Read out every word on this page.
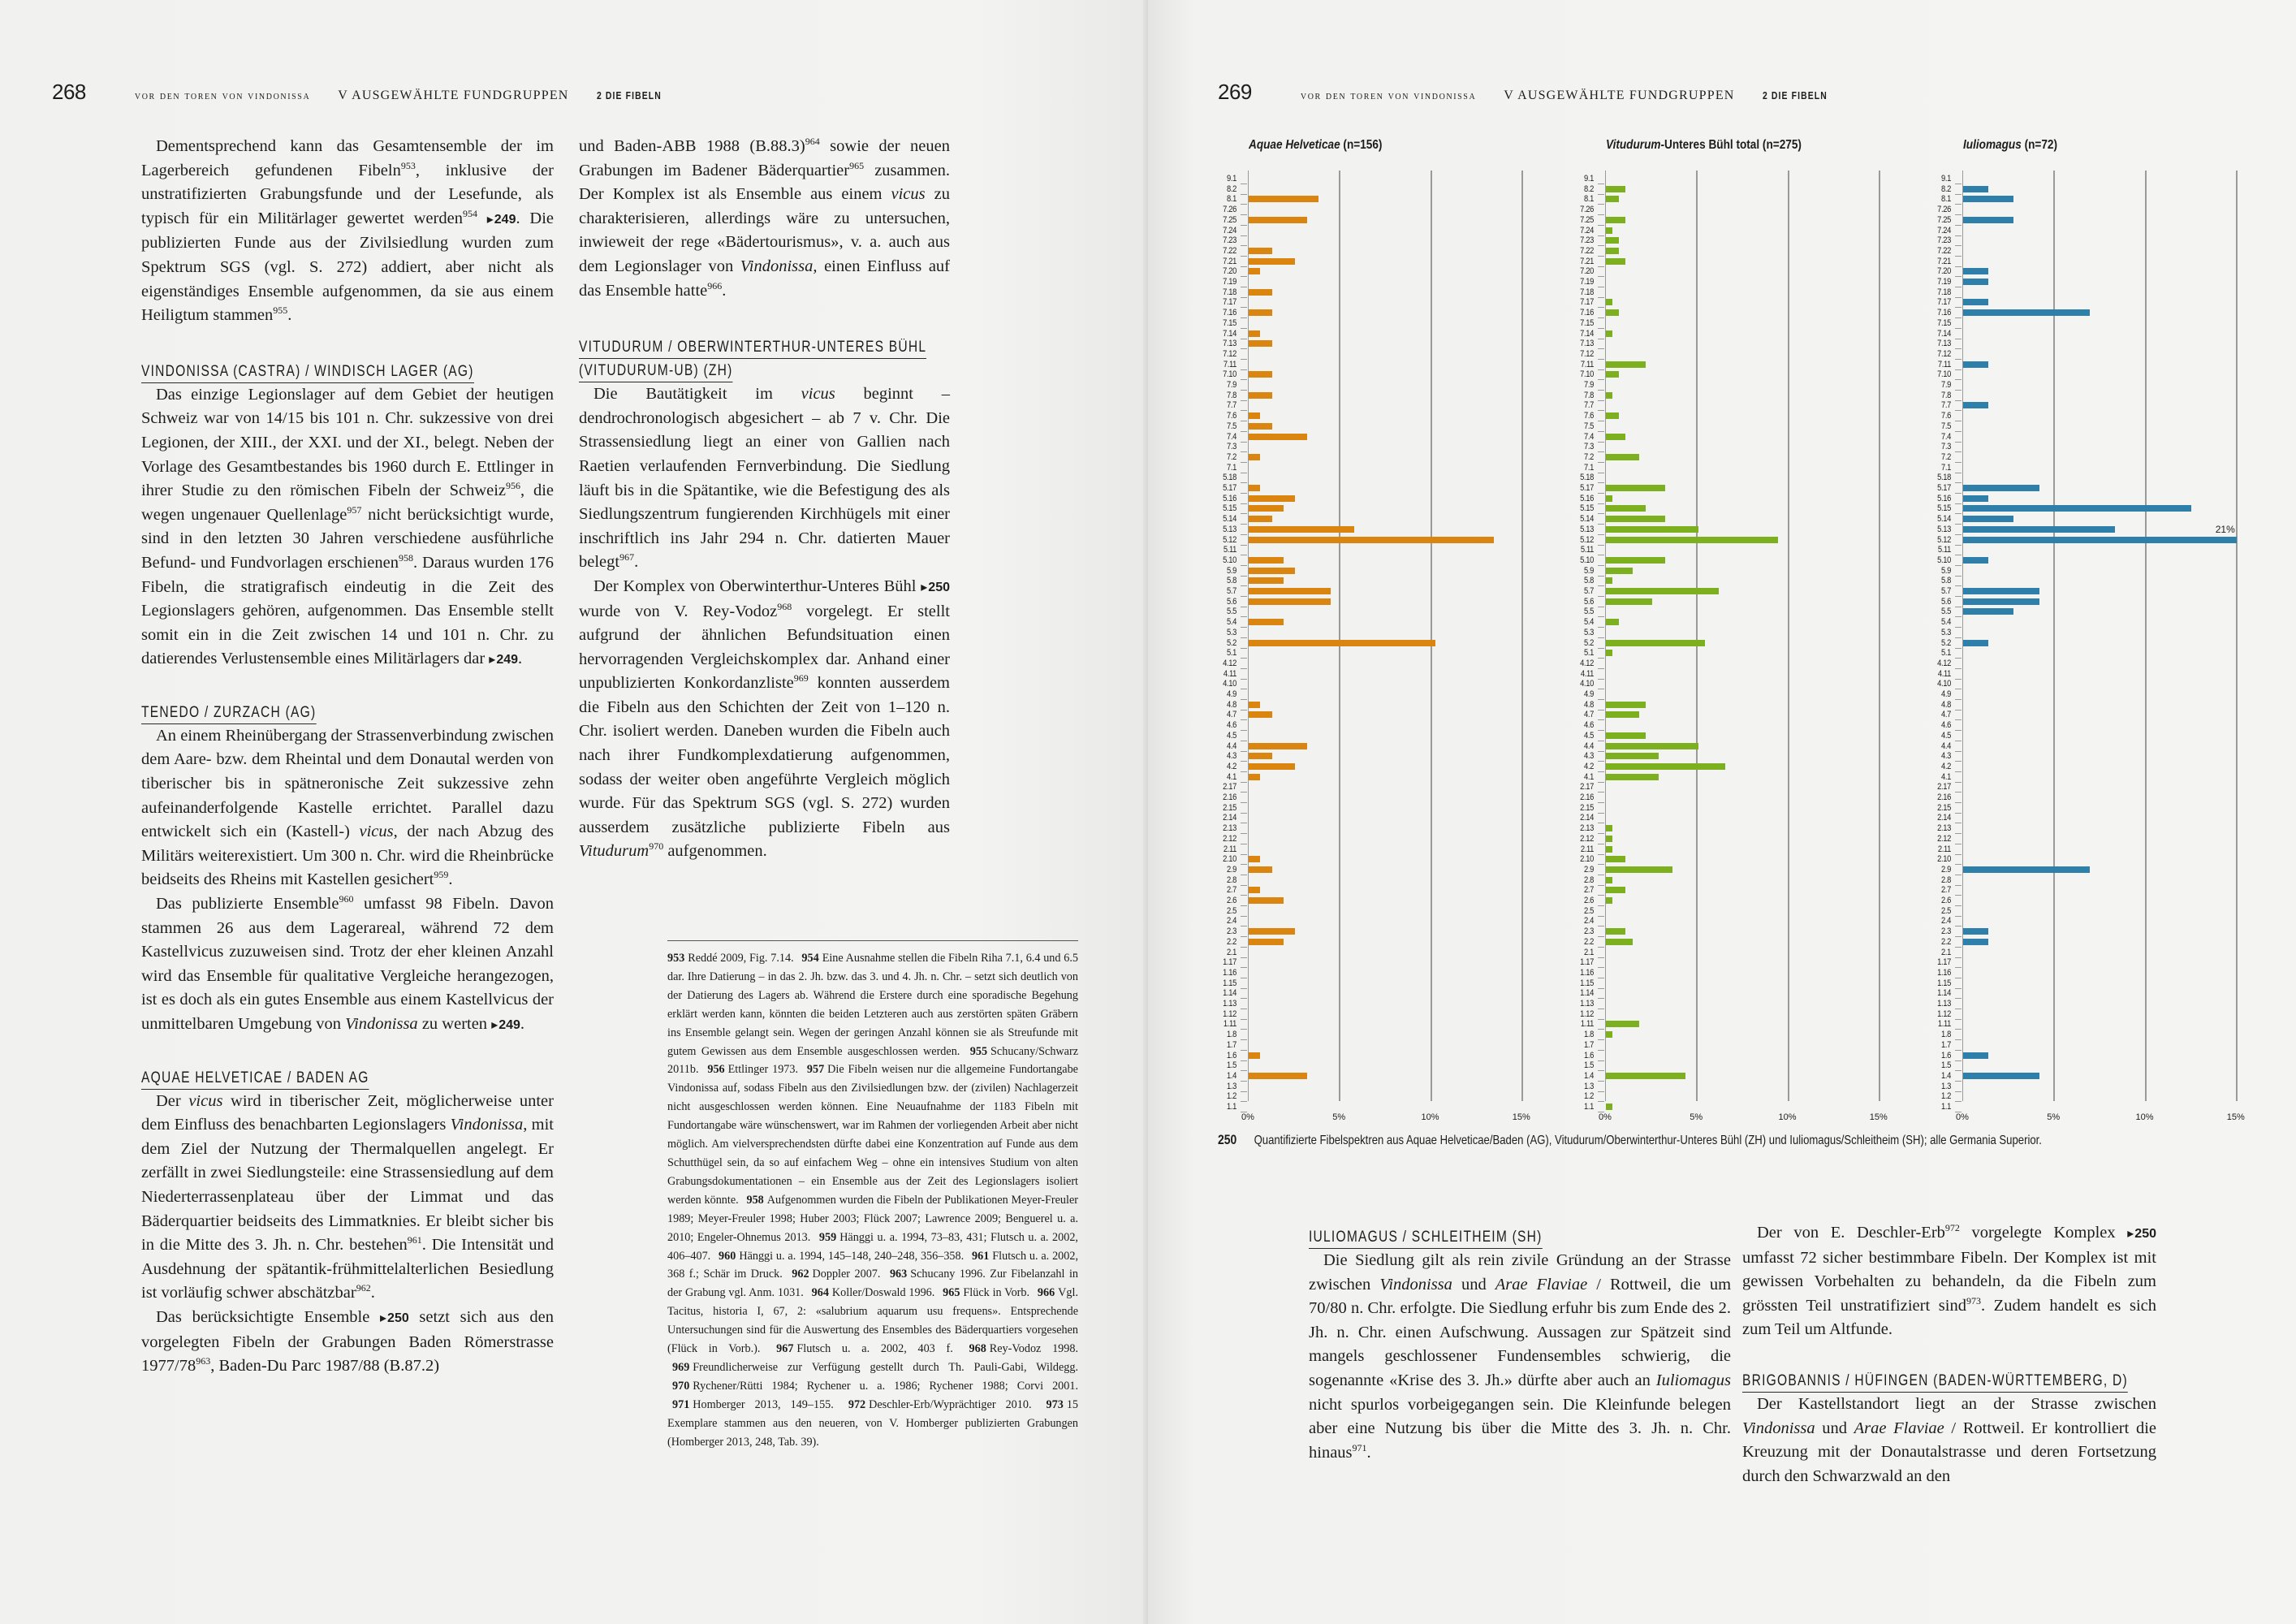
268	vor den toren von vindonissa V AUSGEWÄHLTE FUNDGRUPPEN	2 DIE FIBELN

Dementsprechend kann das Gesamtensemble der im Lagerbereich gefundenen Fibeln$^{953}$, inklusive der unstratifizierten Grabungsfunde und der Lesefunde, als typisch für ein Militärlager gewertet werden$^{954}$ ▸ 249. Die publizierten Funde aus der Zivilsiedlung wurden zum Spektrum SGS (vgl. S. 272) addiert, aber nicht als eigenständiges Ensemble aufgenommen, da sie aus einem Heiligtum stammen$^{955}$.

VINDONISSA (CASTRA) / WINDISCH LAGER (AG)

Das einzige Legionslager auf dem Gebiet der heutigen Schweiz war von 14/15 bis 101 n. Chr. sukzessive von drei Legionen, der XIII., der XXI. und der XI., belegt. Neben der Vorlage des Gesamtbestandes bis 1960 durch E. Ettlinger in ihrer Studie zu den römischen Fibeln der Schweiz$^{956}$, die wegen ungenauer Quellenlage$^{957}$ nicht berücksichtigt wurde, sind in den letzten 30 Jahren verschiedene ausführliche Befund- und Fundvorlagen erschienen$^{958}$. Daraus wurden 176 Fibeln, die stratigrafisch eindeutig in die Zeit des Legionslagers gehören, aufgenommen. Das Ensemble stellt somit ein in die Zeit zwischen 14 und 101 n. Chr. zu datierendes Verlustensemble eines Militärlagers dar ▸ 249.

TENEDO / ZURZACH (AG)

An einem Rheinübergang der Strassenverbindung zwischen dem Aare- bzw. dem Rheintal und dem Donautal werden von tiberischer bis in spätneronische Zeit sukzessive zehn aufeinanderfolgende Kastelle errichtet. Parallel dazu entwickelt sich ein (Kastell-) vicus, der nach Abzug des Militärs weiterexistiert. Um 300 n. Chr. wird die Rheinbrücke beidseits des Rheins mit Kastellen gesichert$^{959}$.

Das publizierte Ensemble$^{960}$ umfasst 98 Fibeln. Davon stammen 26 aus dem Lagerareal, während 72 dem Kastellvicus zuzuweisen sind. Trotz der eher kleinen Anzahl wird das Ensemble für qualitative Vergleiche herangezogen, ist es doch als ein gutes Ensemble aus einem Kastellvicus der unmittelbaren Umgebung von Vindonissa zu werten ▸ 249.

AQUAE HELVETICAE / BADEN AG

Der vicus wird in tiberischer Zeit, möglicherweise unter dem Einfluss des benachbarten Legionslagers Vindonissa, mit dem Ziel der Nutzung der Thermalquellen angelegt. Er zerfällt in zwei Siedlungsteile: eine Strassensiedlung auf dem Niederterrassenplateau über der Limmat und das Bäderquartier beidseits des Limmatknies. Er bleibt sicher bis in die Mitte des 3. Jh. n. Chr. bestehen$^{961}$. Die Intensität und Ausdehnung der spätantik-frühmittelalterlichen Besiedlung ist vorläufig schwer abschätzbar$^{962}$.

Das berücksichtigte Ensemble ▸ 250 setzt sich aus den vorgelegten Fibeln der Grabungen Baden Römerstrasse $1977/78^{963}$, Baden-Du Parc 1987/88 (B.87.2)

und Baden-ABB 1988 $(B.88.3)^{964}$ sowie der neuen Grabungen im Badener Bäderquartier$^{965}$ zusammen. Der Komplex ist als Ensemble aus einem vicus zu charakterisieren, allerdings wäre zu untersuchen, inwieweit der rege «Bädertourismus», v. a. auch aus dem Legionslager von Vindonissa, einen Einfluss auf das Ensemble hatte$^{966}$.

VITUDURUM / OBERWINTERTHUR-UNTERES BÜHL
(VITUDURUM-UB) (ZH)

Die Bautätigkeit im vicus beginnt – dendrochronologisch abgesichert – ab 7 v. Chr. Die Strassensiedlung liegt an einer von Gallien nach Raetien verlaufenden Fernverbindung. Die Siedlung läuft bis in die Spätantike, wie die Befestigung des als Siedlungszentrum fungierenden Kirchhügels mit einer inschriftlich ins Jahr 294 n. Chr. datierten Mauer belegt$^{967}$.

Der Komplex von Oberwinterthur-Unteres Bühl ▸ 250 wurde von V. Rey-Vodoz$^{968}$ vorgelegt. Er stellt aufgrund der ähnlichen Befundsituation einen hervorragenden Vergleichskomplex dar. Anhand einer unpublizierten Konkordanzliste$^{969}$ konnten ausserdem die Fibeln aus den Schichten der Zeit von 1–120 n. Chr. isoliert werden. Daneben wurden die Fibeln auch nach ihrer Fundkomplexdatierung aufgenommen, sodass der weiter oben angeführte Vergleich möglich wurde. Für das Spektrum SGS (vgl. S. 272) wurden ausserdem zusätzliche publizierte Fibeln aus Vitudurum$^{970}$ aufgenommen.

953 Reddé 2009, Fig. 7.14. 954 Eine Ausnahme stellen die Fibeln Riha 7.1, 6.4 und 6.5 dar. Ihre Datierung – in das 2. Jh. bzw. das 3. und 4. Jh. n. Chr. – setzt sich deutlich von der Datierung des Lagers ab. Während die Erstere durch eine sporadische Begehung erklärt werden kann, könnten die beiden Letzteren auch aus zerstörten späten Gräbern ins Ensemble gelangt sein. Wegen der geringen Anzahl können sie als Streufunde mit gutem Gewissen aus dem Ensemble ausgeschlossen werden. 955 Schucany/Schwarz 2011b. 956 Ettlinger 1973. 957 Die Fibeln weisen nur die allgemeine Fundortangabe Vindonissa auf, sodass Fibeln aus den Zivilsiedlungen bzw. der (zivilen) Nachlagerzeit nicht ausgeschlossen werden können. Eine Neuaufnahme der 1183 Fibeln mit Fundortangabe wäre wünschenswert, war im Rahmen der vorliegenden Arbeit aber nicht möglich. Am vielversprechendsten dürfte dabei eine Konzentration auf Funde aus dem Schutthügel sein, da so auf einfachem Weg – ohne ein intensives Studium von alten Grabungsdokumentationen – ein Ensemble aus der Zeit des Legionslagers isoliert werden könnte. 958 Aufgenommen wurden die Fibeln der Publikationen Meyer-Freuler 1989; Meyer-Freuler 1998; Huber 2003; Flück 2007; Lawrence 2009; Benguerel u. a. 2010; Engeler-Ohnemus 2013. 959 Hänggi u. a. 1994, 73–83, 431; Flutsch u. a. 2002, 406–407. 960 Hänggi u. a. 1994, 145–148, 240–248, 356–358. 961 Flutsch u. a. 2002, 368 f.; Schär im Druck. 962 Doppler 2007. 963 Schucany 1996. Zur Fibelanzahl in der Grabung vgl. Anm. 1031. 964 Koller/Doswald 1996. 965 Flück in Vorb. 966 Vgl. Tacitus, historia I, 67, 2: «salubrium aquarum usu frequens». Entsprechende Untersuchungen sind für die Auswertung des Ensembles des Bäderquartiers vorgesehen (Flück in Vorb.). 967 Flutsch u. a. 2002, 403 f. 968 Rey-Vodoz 1998. 969 Freundlicherweise zur Verfügung gestellt durch Th. Pauli-Gabi, Wildegg. 970 Rychener/Rütti 1984; Rychener u. a. 1986; Rychener 1988; Corvi 2001. 971 Homberger 2013, 149–155. 972 Deschler-Erb/Wyprächtiger 2010. 973 15 Exemplare stammen aus den neueren, von V. Homberger publizierten Grabungen (Homberger 2013, 248, Tab. 39).
269	vor den toren von vindonissa V AUSGEWÄHLTE FUNDGRUPPEN	2 DIE FIBELN
Aquae Helveticae (n=156)
9.1
8.2
8.1
7.26
7.25
7.24
7.23
7.22
7.21
7.20
7.19
7.18
7.17
7.16
7.15
7.14
7.13
7.12
7.11
7.10
7.9
7.8
7.7
7.6
7.5
7.4
7.3
7.2
7.1
5.18
5.17
5.16
5.15
5.14
5.13
5.12
5.11
5.10
5.9
5.8
5.7
5.6
5.5
5.4
5.3
5.2
5.1
4.12
4.11
4.10
4.9
4.8
4.7
4.6
4.5
4.4
4.3
4.2
4.1
2.17
2.16
2.15
2.14
2.13
2.12
2.11
2.10
2.9
2.8
2.7
2.6
2.5
2.4
2.3
2.2
2.1
1.17
1.16
1.15
1.14
1.13
1.12
1.11
1.8
1.7
1.6
1.5
1.4
1.3
1.2
1.1
0%	5%	10%	15%
Vitudurum-Unteres Bühl total (n=275)
9.1
8.2
8.1
7.26
7.25
7.24
7.23
7.22
7.21
7.20
7.19
7.18
7.17
7.16
7.15
7.14
7.13
7.12
7.11
7.10
7.9
7.8
7.7
7.6
7.5
7.4
7.3
7.2
7.1
5.18
5.17
5.16
5.15
5.14
5.13
5.12
5.11
5.10
5.9
5.8
5.7
5.6
5.5
5.4
5.3
5.2
5.1
4.12
4.11
4.10
4.9
4.8
4.7
4.6
4.5
4.4
4.3
4.2
4.1
2.17
2.16
2.15
2.14
2.13
2.12
2.11
2.10
2.9
2.8
2.7
2.6
2.5
2.4
2.3
2.2
2.1
1.17
1.16
1.15
1.14
1.13
1.12
1.11
1.8
1.7
1.6
1.5
1.4
1.3
1.2
1.1
0%	5%	10%	15%
Iuliomagus (n=72)
9.1
8.2
8.1
7.26
7.25
7.24
7.23
7.22
7.21
7.20
7.19
7.18
7.17
7.16
7.15
7.14
7.13
7.12
7.11
7.10
7.9
7.8
7.7
7.6
7.5
7.4
7.3
7.2
7.1
5.18
5.17
5.16
5.15
5.14
5.13
5.12
21%
5.11
5.10
5.9
5.8
5.7
5.6
5.5
5.4
5.3
5.2
5.1
4.12
4.11
4.10
4.9
4.8
4.7
4.6
4.5
4.4
4.3
4.2
4.1
2.17
2.16
2.15
2.14
2.13
2.12
2.11
2.10
2.9
2.8
2.7
2.6
2.5
2.4
2.3
2.2
2.1
1.17
1.16
1.15
1.14
1.13
1.12
1.11
1.8
1.7
1.6
1.5
1.4
1.3
1.2
1.1
0%	5%	10%	15%
250 Quantifizierte Fibelspektren aus Aquae Helveticae/Baden (AG), Vitudurum/Oberwinterthur-Unteres Bühl (ZH) und Iuliomagus/Schleitheim (SH); alle Germania Superior.
IULIOMAGUS / SCHLEITHEIM (SH)

Die Siedlung gilt als rein zivile Gründung an der Strasse zwischen Vindonissa und Arae Flaviae / Rottweil, die um 70/80 n. Chr. erfolgte. Die Siedlung erfuhr bis zum Ende des 2. Jh. n. Chr. einen Aufschwung. Aussagen zur Spätzeit sind mangels geschlossener Fundensembles schwierig, die sogenannte «Krise des 3. Jh.» dürfte aber auch an Iuliomagus nicht spurlos vorbeigegangen sein. Die Kleinfunde belegen aber eine Nutzung bis über die Mitte des 3. Jh. n. Chr. hinaus$^{971}$.

Der von E. Deschler-Erb$^{972}$ vorgelegte Komplex ▸ 250 umfasst 72 sicher bestimmbare Fibeln. Der Komplex ist mit gewissen Vorbehalten zu behandeln, da die Fibeln zum grössten Teil unstratifiziert sind$^{973}$. Zudem handelt es sich zum Teil um Altfunde.

BRIGOBANNIS / HÜFINGEN (BADEN-WÜRTTEMBERG, D)

Der Kastellstandort liegt an der Strasse zwischen Vindonissa und Arae Flaviae / Rottweil. Er kontrolliert die Kreuzung mit der Donautalstrasse und deren Fortsetzung durch den Schwarzwald an den
